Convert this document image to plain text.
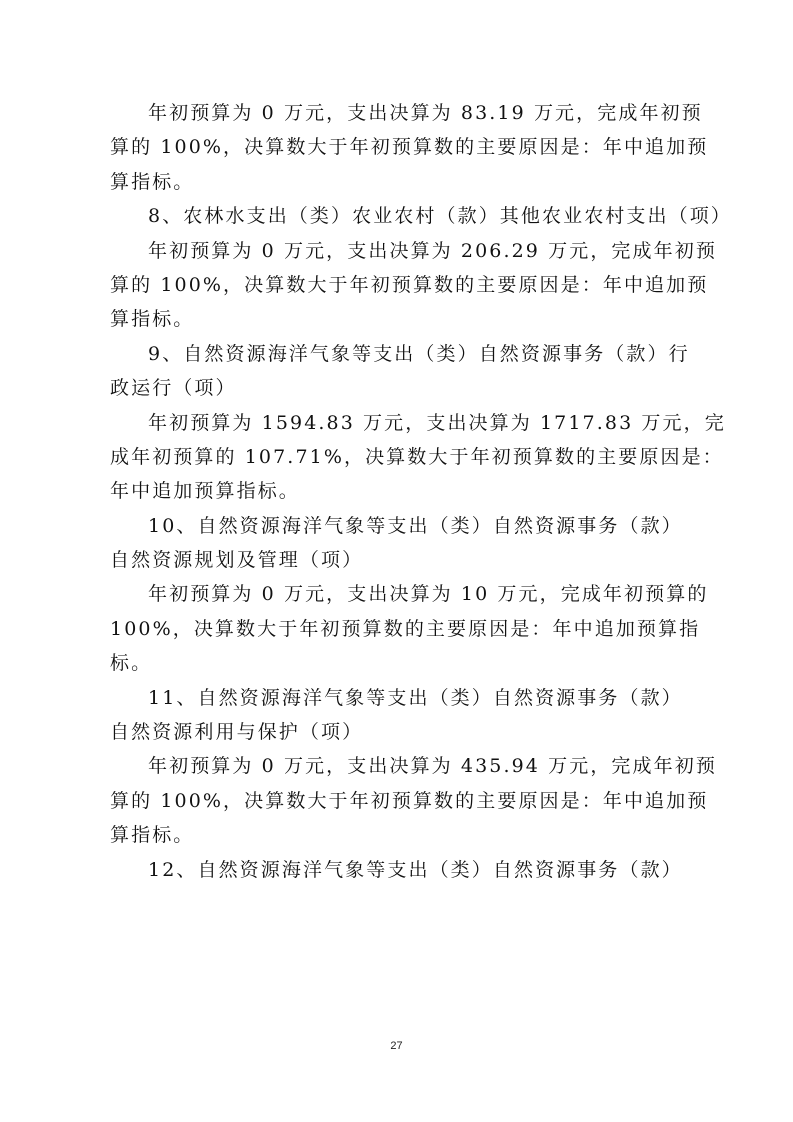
年初预算为 0 万元，支出决算为 83.19 万元，完成年初预
算的 100%，决算数大于年初预算数的主要原因是：年中追加预
算指标。
8、农林水支出（类）农业农村（款）其他农业农村支出（项）
年初预算为 0 万元，支出决算为 206.29 万元，完成年初预
算的 100%，决算数大于年初预算数的主要原因是：年中追加预
算指标。
9、自然资源海洋气象等支出（类）自然资源事务（款）行
政运行（项）
年初预算为 1594.83 万元，支出决算为 1717.83 万元，完
成年初预算的 107.71%，决算数大于年初预算数的主要原因是：
年中追加预算指标。
10、自然资源海洋气象等支出（类）自然资源事务（款）
自然资源规划及管理（项）
年初预算为 0 万元，支出决算为 10 万元，完成年初预算的
100%，决算数大于年初预算数的主要原因是：年中追加预算指
标。
11、自然资源海洋气象等支出（类）自然资源事务（款）
自然资源利用与保护（项）
年初预算为 0 万元，支出决算为 435.94 万元，完成年初预
算的 100%，决算数大于年初预算数的主要原因是：年中追加预
算指标。
12、自然资源海洋气象等支出（类）自然资源事务（款）
27
